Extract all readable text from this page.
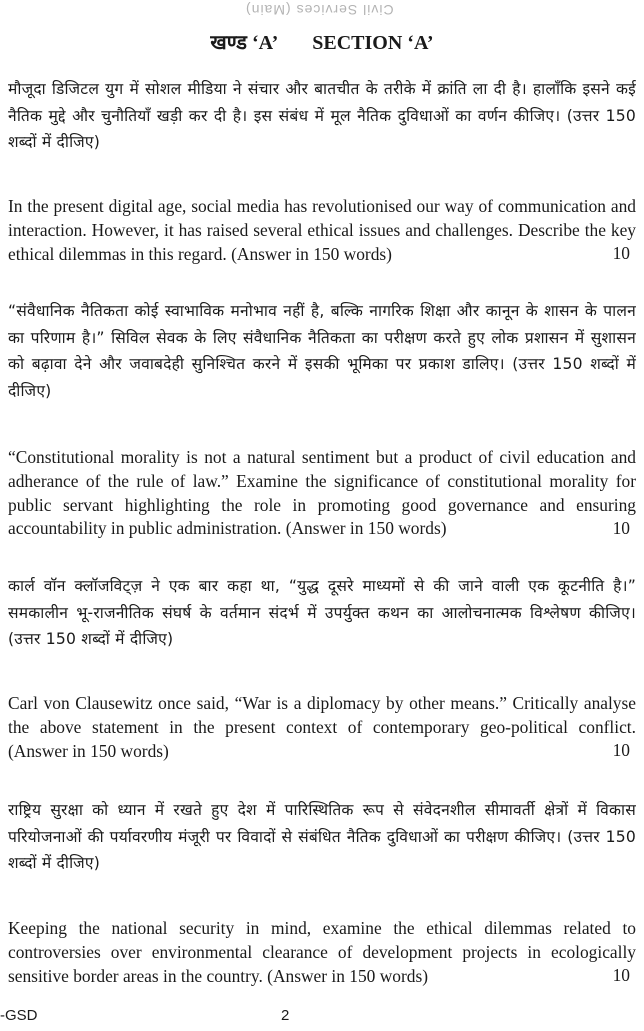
Civil Services (Main)
खण्ड ‘A’ SECTION ‘A’

मौजूदा डिजिटल युग में सोशल मीडिया ने संचार और बातचीत के तरीके में क्रांति ला दी है। हालाँकि इसने कई नैतिक मुद्दे और चुनौतियाँ खड़ी कर दी है। इस संबंध में मूल नैतिक दुविधाओं का वर्णन कीजिए। (उत्तर 150 शब्दों में दीजिए)

10
In the present digital age, social media has revolutionised our way of communication and interaction. However, it has raised several ethical issues and challenges. Describe the key ethical dilemmas in this regard. (Answer in 150 words)

“संवैधानिक नैतिकता कोई स्वाभाविक मनोभाव नहीं है, बल्कि नागरिक शिक्षा और कानून के शासन के पालन का परिणाम है।” सिविल सेवक के लिए संवैधानिक नैतिकता का परीक्षण करते हुए लोक प्रशासन में सुशासन को बढ़ावा देने और जवाबदेही सुनिश्चित करने में इसकी भूमिका पर प्रकाश डालिए। (उत्तर 150 शब्दों में दीजिए)

10
“Constitutional morality is not a natural sentiment but a product of civil education and adherance of the rule of law.” Examine the significance of constitutional morality for public servant highlighting the role in promoting good governance and ensuring accountability in public administration. (Answer in 150 words)

कार्ल वॉन क्लॉजविट्ज़ ने एक बार कहा था, “युद्ध दूसरे माध्यमों से की जाने वाली एक कूटनीति है।” समकालीन भू-राजनीतिक संघर्ष के वर्तमान संदर्भ में उपर्युक्त कथन का आलोचनात्मक विश्लेषण कीजिए। (उत्तर 150 शब्दों में दीजिए)

10
Carl von Clausewitz once said, “War is a diplomacy by other means.” Critically analyse the above statement in the present context of contemporary geo-political conflict. (Answer in 150 words)

राष्ट्रिय सुरक्षा को ध्यान में रखते हुए देश में पारिस्थितिक रूप से संवेदनशील सीमावर्ती क्षेत्रों में विकास परियोजनाओं की पर्यावरणीय मंजूरी पर विवादों से संबंधित नैतिक दुविधाओं का परीक्षण कीजिए। (उत्तर 150 शब्दों में दीजिए)

10
Keeping the national security in mind, examine the ethical dilemmas related to controversies over environmental clearance of development projects in ecologically sensitive border areas in the country. (Answer in 150 words)

-GSD	2
